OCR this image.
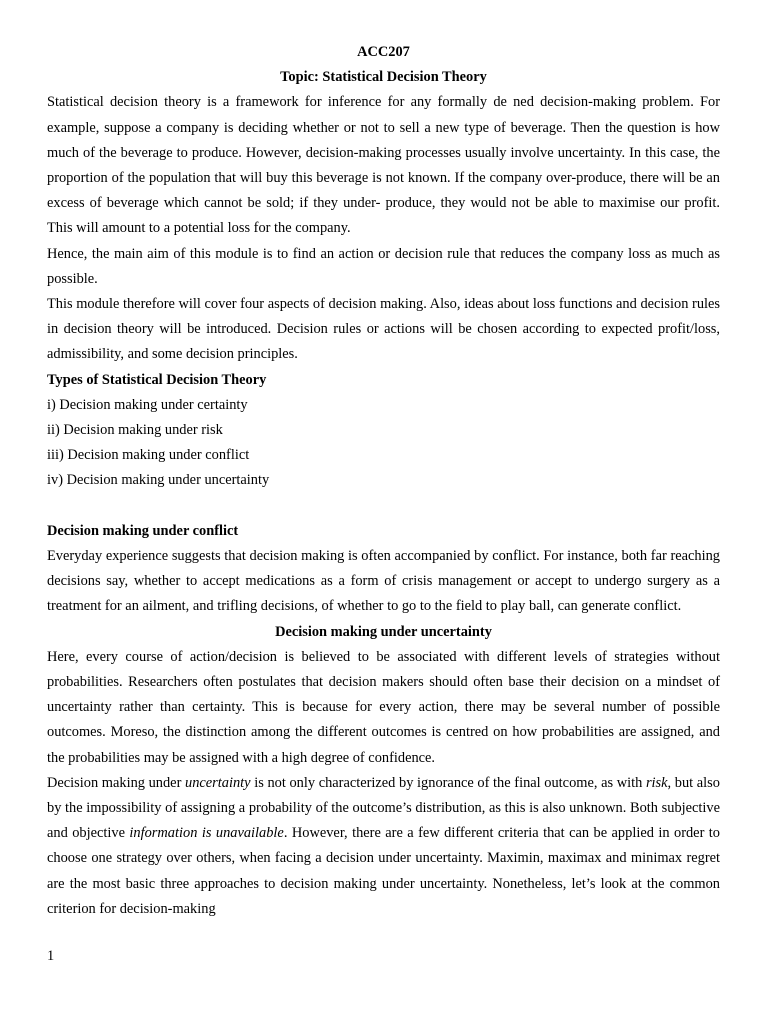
ACC207
Topic: Statistical Decision Theory

Statistical decision theory is a framework for inference for any formally de ned decision-making problem. For example, suppose a company is deciding whether or not to sell a new type of beverage. Then the question is how much of the beverage to produce. However, decision-making processes usually involve uncertainty. In this case, the proportion of the population that will buy this beverage is not known. If the company over-produce, there will be an excess of beverage which cannot be sold; if they under- produce, they would not be able to maximise our profit. This will amount to a potential loss for the company.

Hence, the main aim of this module is to find an action or decision rule that reduces the company loss as much as possible.

This module therefore will cover four aspects of decision making. Also, ideas about loss functions and decision rules in decision theory will be introduced. Decision rules or actions will be chosen according to expected profit/loss, admissibility, and some decision principles.

Types of Statistical Decision Theory
i) Decision making under certainty
ii) Decision making under risk
iii) Decision making under conflict
iv) Decision making under uncertainty
Decision making under conflict

Everyday experience suggests that decision making is often accompanied by conflict. For instance, both far reaching decisions say, whether to accept medications as a form of crisis management or accept to undergo surgery as a treatment for an ailment, and trifling decisions, of whether to go to the field to play ball, can generate conflict.

Decision making under uncertainty

Here, every course of action/decision is believed to be associated with different levels of strategies without probabilities. Researchers often postulates that decision makers should often base their decision on a mindset of uncertainty rather than certainty. This is because for every action, there may be several number of possible outcomes. Moreso, the distinction among the different outcomes is centred on how probabilities are assigned, and the probabilities may be assigned with a high degree of confidence.

Decision making under uncertainty is not only characterized by ignorance of the final outcome, as with risk, but also by the impossibility of assigning a probability of the outcome’s distribution, as this is also unknown. Both subjective and objective information is unavailable. However, there are a few different criteria that can be applied in order to choose one strategy over others, when facing a decision under uncertainty. Maximin, maximax and minimax regret are the most basic three approaches to decision making under uncertainty. Nonetheless, let’s look at the common criterion for decision-making

1
